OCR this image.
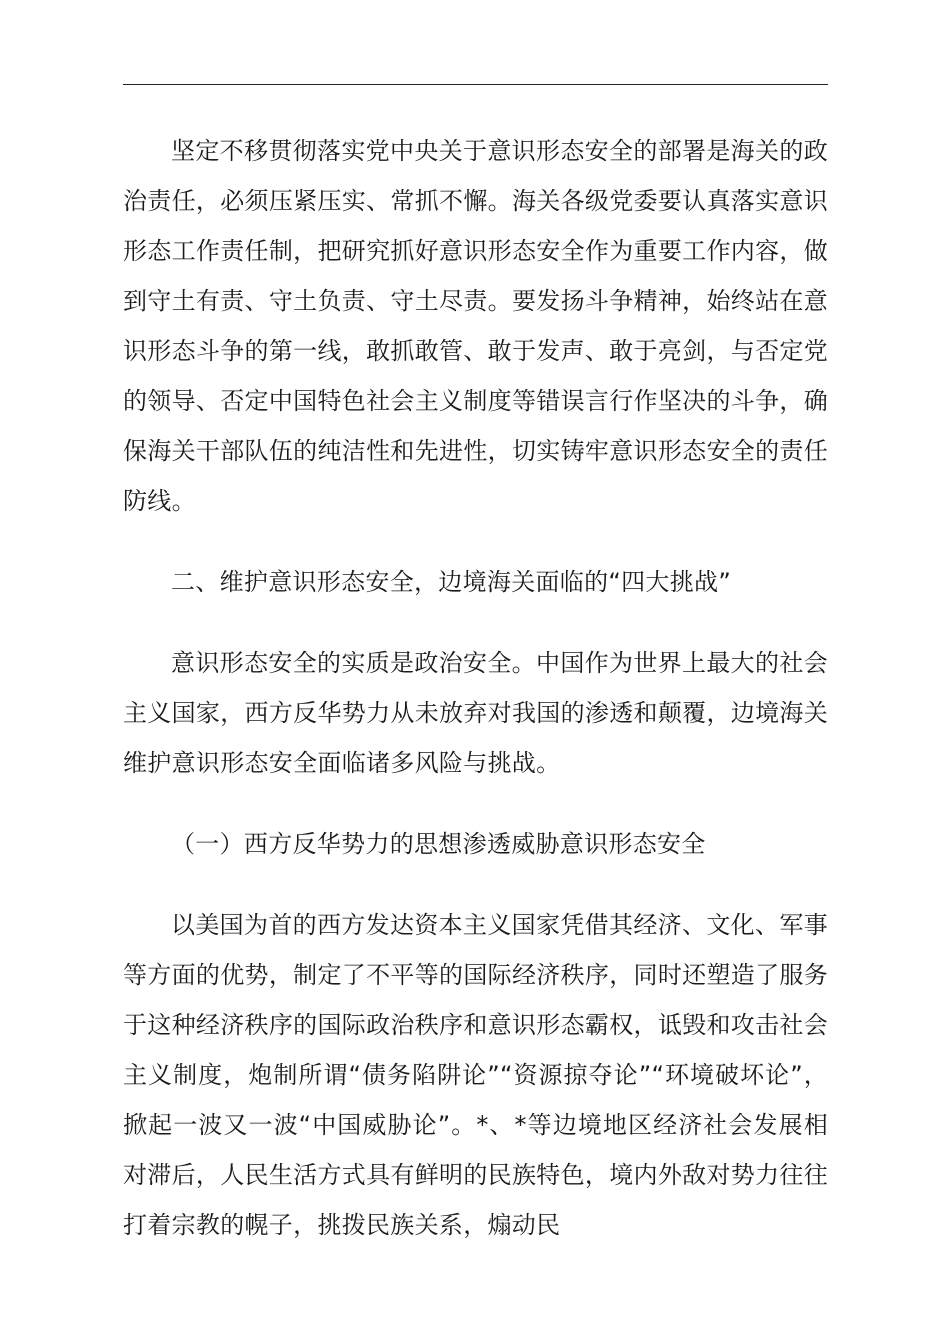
坚定不移贯彻落实党中央关于意识形态安全的部署是海关的政治责任，必须压紧压实、常抓不懈。海关各级党委要认真落实意识形态工作责任制，把研究抓好意识形态安全作为重要工作内容，做到守土有责、守土负责、守土尽责。要发扬斗争精神，始终站在意识形态斗争的第一线，敢抓敢管、敢于发声、敢于亮剑，与否定党的领导、否定中国特色社会主义制度等错误言行作坚决的斗争，确保海关干部队伍的纯洁性和先进性，切实铸牢意识形态安全的责任防线。

二、维护意识形态安全，边境海关面临的“四大挑战”

意识形态安全的实质是政治安全。中国作为世界上最大的社会主义国家，西方反华势力从未放弃对我国的渗透和颠覆，边境海关维护意识形态安全面临诸多风险与挑战。

（一）西方反华势力的思想渗透威胁意识形态安全

以美国为首的西方发达资本主义国家凭借其经济、文化、军事等方面的优势，制定了不平等的国际经济秩序，同时还塑造了服务于这种经济秩序的国际政治秩序和意识形态霸权，诋毁和攻击社会主义制度，炮制所谓“债务陷阱论”“资源掠夺论”“环境破坏论”，掀起一波又一波“中国威胁论”。*、*等边境地区经济社会发展相对滞后，人民生活方式具有鲜明的民族特色，境内外敌对势力往往打着宗教的幌子，挑拨民族关系，煽动民
